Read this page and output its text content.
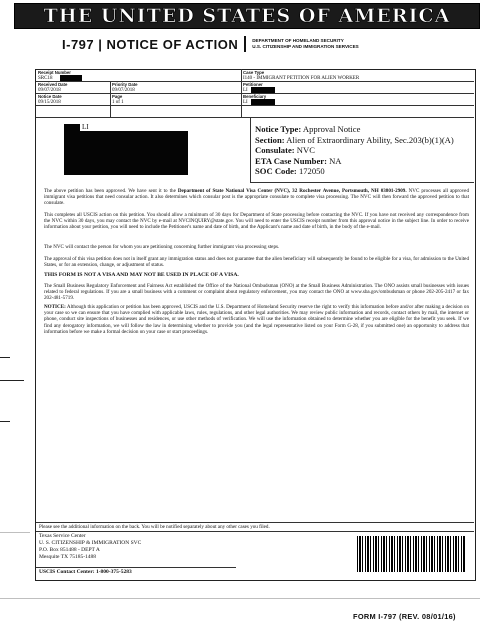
THE UNITED STATES OF AMERICA
I-797 | NOTICE OF ACTION	DEPARTMENT OF HOMELAND SECURITY
U.S. CITIZENSHIP AND IMMIGRATION SERVICES
Receipt Number
SRC18
Case Type
I140 - IMMIGRANT PETITION FOR ALIEN WORKER
Received Date
09/07/2018
Priority Date
09/07/2018
Petitioner
LI
Notice Date
09/15/2018
Page
1 of 1
Beneficiary
LI
LI	Notice Type: Approval Notice
Section: Alien of Extraordinary Ability, Sec.203(b)(1)(A)
Consulate: NVC
ETA Case Number: NA
SOC Code: 172050

The above petition has been approved. We have sent it to the Department of State National Visa Center (NVC), 32 Rochester Avenue, Portsmouth, NH 03801-2909. NVC processes all approved immigrant visa petitions that need consular action. It also determines which consular post is the appropriate consulate to complete visa processing. The NVC will then forward the approved petition to that consulate.

This completes all USCIS action on this petition. You should allow a minimum of 30 days for Department of State processing before contacting the NVC. If you have not received any correspondence from the NVC within 30 days, you may contact the NVC by e-mail at NVCINQUIRY@state.gov. You will need to enter the USCIS receipt number from this approval notice in the subject line. In order to receive information about your petition, you will need to include the Petitioner's name and date of birth, and the Applicant's name and date of birth, in the body of the e-mail.

The NVC will contact the person for whom you are petitioning concerning further immigrant visa processing steps.

The approval of this visa petition does not in itself grant any immigration status and does not guarantee that the alien beneficiary will subsequently be found to be eligible for a visa, for admission to the United States, or for an extension, change, or adjustment of status.

THIS FORM IS NOT A VISA AND MAY NOT BE USED IN PLACE OF A VISA.

The Small Business Regulatory Enforcement and Fairness Act established the Office of the National Ombudsman (ONO) at the Small Business Administration. The ONO assists small businesses with issues related to federal regulations. If you are a small business with a comment or complaint about regulatory enforcement, you may contact the ONO at www.sba.gov/ombudsman or phone 202-205-2417 or fax 202-481-5719.

NOTICE: Although this application or petition has been approved, USCIS and the U.S. Department of Homeland Security reserve the right to verify this information before and/or after making a decision on your case so we can ensure that you have complied with applicable laws, rules, regulations, and other legal authorities. We may review public information and records, contact others by mail, the internet or phone, conduct site inspections of businesses and residences, or use other methods of verification. We will use the information obtained to determine whether you are eligible for the benefit you seek. If we find any derogatory information, we will follow the law in determining whether to provide you (and the legal representative listed on your Form G-28, if you submitted one) an opportunity to address that information before we make a formal decision on your case or start proceedings.

Please see the additional information on the back. You will be notified separately about any other cases you filed.

Texas Service Center
U. S. CITIZENSHIP & IMMIGRATION SVC
P.O. Box 851488 - DEPT A
Mesquite TX 75185-1488
USCIS Contact Center: 1-800-375-5283
FORM I-797 (REV. 08/01/16)
